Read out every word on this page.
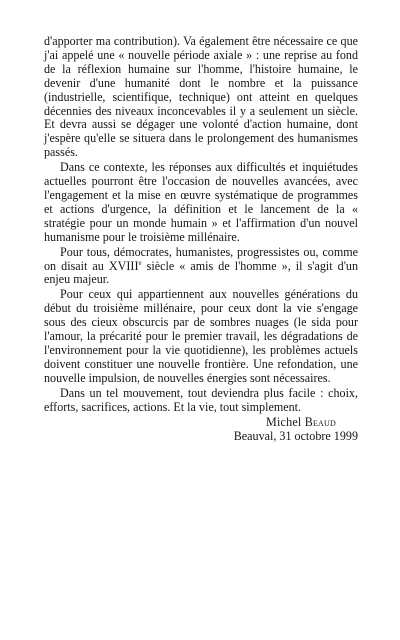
d'apporter ma contribution). Va également être nécessaire ce que j'ai appelé une « nouvelle période axiale » : une reprise au fond de la réflexion humaine sur l'homme, l'histoire humaine, le devenir d'une humanité dont le nombre et la puissance (industrielle, scientifique, technique) ont atteint en quelques décennies des niveaux inconcevables il y a seulement un siècle. Et devra aussi se dégager une volonté d'action humaine, dont j'espère qu'elle se situera dans le prolongement des humanismes passés.

Dans ce contexte, les réponses aux difficultés et inquiétudes actuelles pourront être l'occasion de nouvelles avancées, avec l'engagement et la mise en œuvre systématique de programmes et actions d'urgence, la définition et le lancement de la « stratégie pour un monde humain » et l'affirmation d'un nouvel humanisme pour le troisième millénaire.

Pour tous, démocrates, humanistes, progressistes ou, comme on disait au XVIIIe siècle « amis de l'homme », il s'agit d'un enjeu majeur.

Pour ceux qui appartiennent aux nouvelles générations du début du troisième millénaire, pour ceux dont la vie s'engage sous des cieux obscurcis par de sombres nuages (le sida pour l'amour, la précarité pour le premier travail, les dégradations de l'environnement pour la vie quotidienne), les problèmes actuels doivent constituer une nouvelle frontière. Une refondation, une nouvelle impulsion, de nouvelles énergies sont nécessaires.

Dans un tel mouvement, tout deviendra plus facile : choix, efforts, sacrifices, actions. Et la vie, tout simplement.

Michel Beaud
Beauval, 31 octobre 1999
